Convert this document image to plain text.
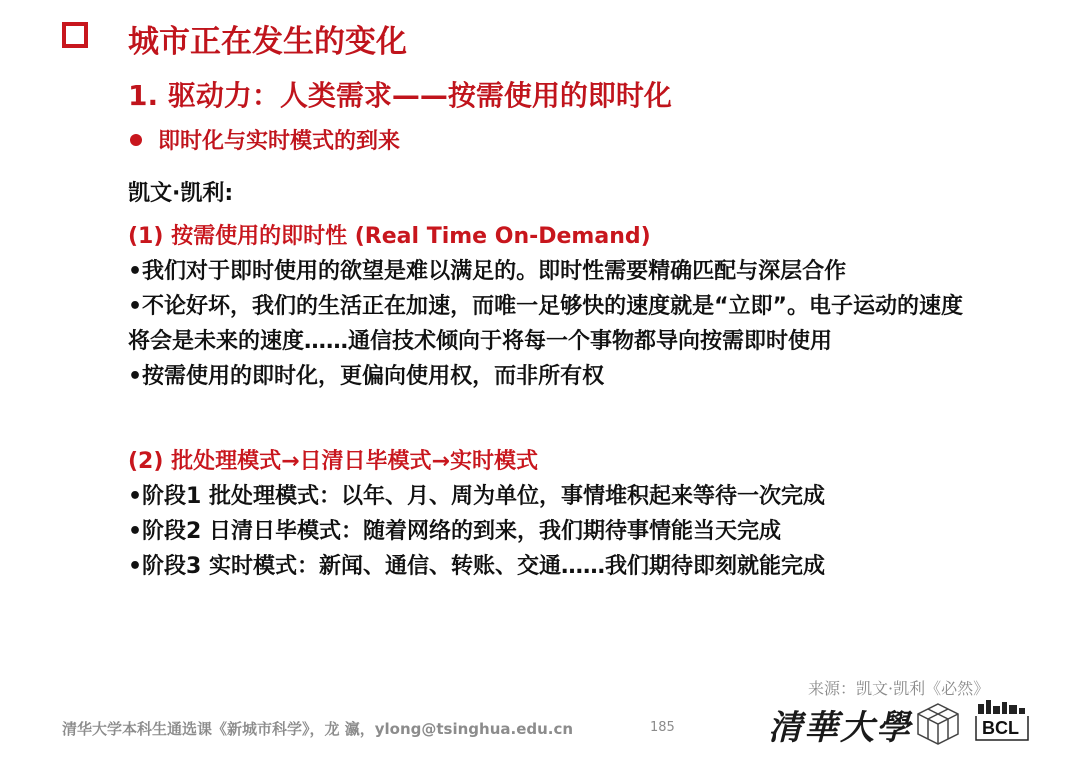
城市正在发生的变化
1. 驱动力：人类需求——按需使用的即时化
即时化与实时模式的到来
凯文·凯利:
(1) 按需使用的即时性 (Real Time On-Demand)
•我们对于即时使用的欲望是难以满足的。即时性需要精确匹配与深层合作
•不论好坏，我们的生活正在加速，而唯一足够快的速度就是“立即”。电子运动的速度将会是未来的速度……通信技术倾向于将每一个事物都导向按需即时使用
•按需使用的即时化，更偏向使用权，而非所有权
(2) 批处理模式→日清日毕模式→实时模式
•阶段1 批处理模式：以年、月、周为单位，事情堆积起来等待一次完成
•阶段2 日清日毕模式：随着网络的到来，我们期待事情能当天完成
•阶段3 实时模式：新闻、通信、转账、交通……我们期待即刻就能完成
来源：凯文·凯利《必然》
清华大学本科生通选课《新城市科学》，龙 瀛，ylong@tsinghua.edu.cn	185	清華大學	BCL
